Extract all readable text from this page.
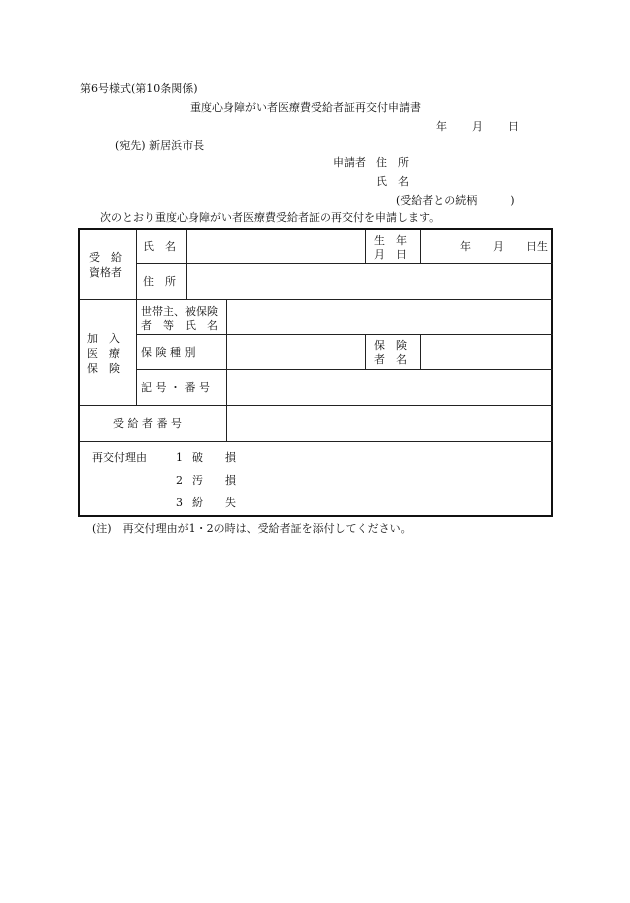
第6号様式(第10条関係)
重度心身障がい者医療費受給者証再交付申請書
年 月 日
(宛先) 新居浜市長
申請者 住　所
氏　名
(受給者との続柄　　　)
次のとおり重度心身障がい者医療費受給者証の再交付を申請します。
受　給
資格者
氏　名	生　年
月　日
年　　月　　日生
住　所
加　入
医　療
保　険
世帯主、被保険
者　等　氏　名
保 険 種 別
保　険
者　名
記 号 ・ 番 号
受 給 者 番 号
再交付理由	1 破　　損
2 汚　　損
3 紛　　失
(注)　再交付理由が1・2の時は、受給者証を添付してください。
